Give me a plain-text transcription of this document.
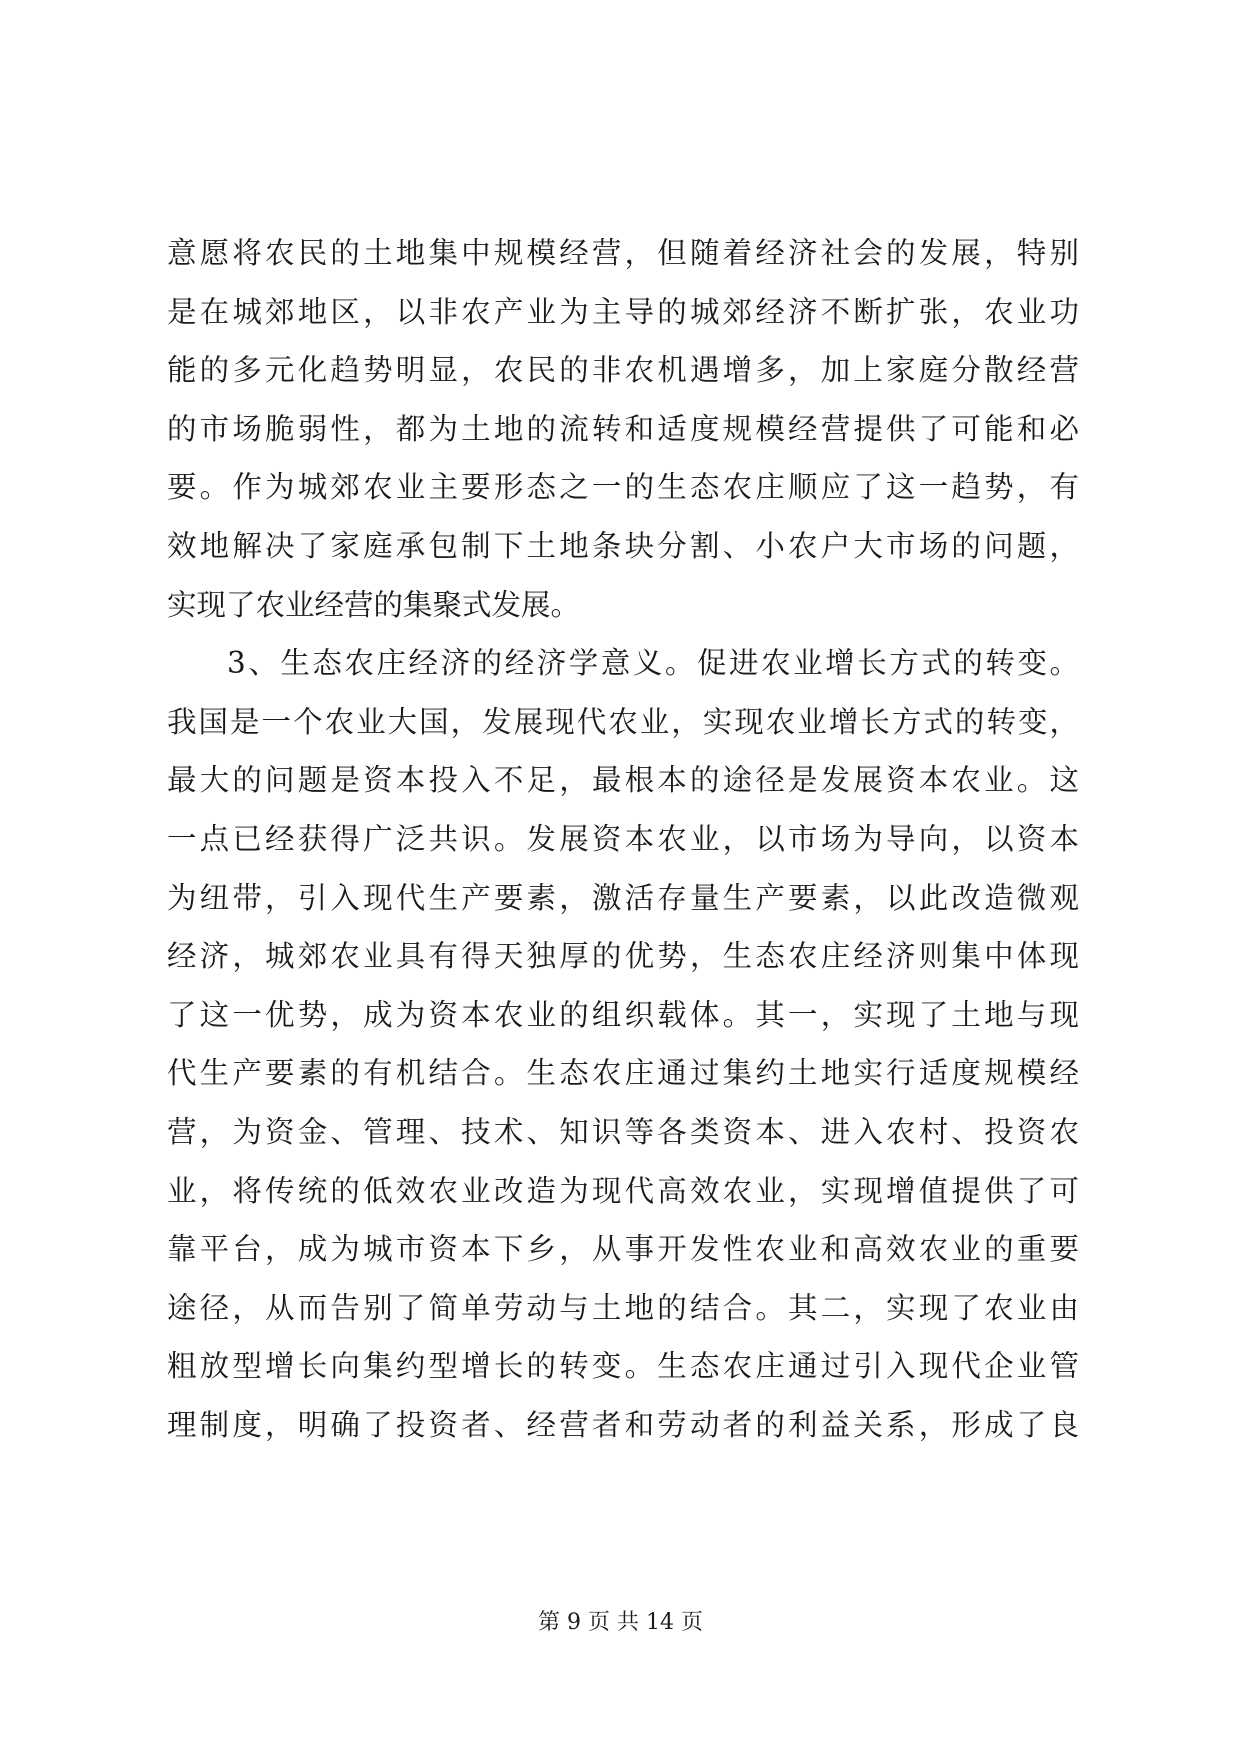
意愿将农民的土地集中规模经营，但随着经济社会的发展，特别
是在城郊地区，以非农产业为主导的城郊经济不断扩张，农业功
能的多元化趋势明显，农民的非农机遇增多，加上家庭分散经营
的市场脆弱性，都为土地的流转和适度规模经营提供了可能和必
要。作为城郊农业主要形态之一的生态农庄顺应了这一趋势，有
效地解决了家庭承包制下土地条块分割、小农户大市场的问题，
实现了农业经营的集聚式发展。
3、生态农庄经济的经济学意义。促进农业增长方式的转变。
我国是一个农业大国，发展现代农业，实现农业增长方式的转变，
最大的问题是资本投入不足，最根本的途径是发展资本农业。这
一点已经获得广泛共识。发展资本农业，以市场为导向，以资本
为纽带，引入现代生产要素，激活存量生产要素，以此改造微观
经济，城郊农业具有得天独厚的优势，生态农庄经济则集中体现
了这一优势，成为资本农业的组织载体。其一，实现了土地与现
代生产要素的有机结合。生态农庄通过集约土地实行适度规模经
营，为资金、管理、技术、知识等各类资本、进入农村、投资农
业，将传统的低效农业改造为现代高效农业，实现增值提供了可
靠平台，成为城市资本下乡，从事开发性农业和高效农业的重要
途径，从而告别了简单劳动与土地的结合。其二，实现了农业由
粗放型增长向集约型增长的转变。生态农庄通过引入现代企业管
理制度，明确了投资者、经营者和劳动者的利益关系，形成了良
第 9 页 共 14 页
